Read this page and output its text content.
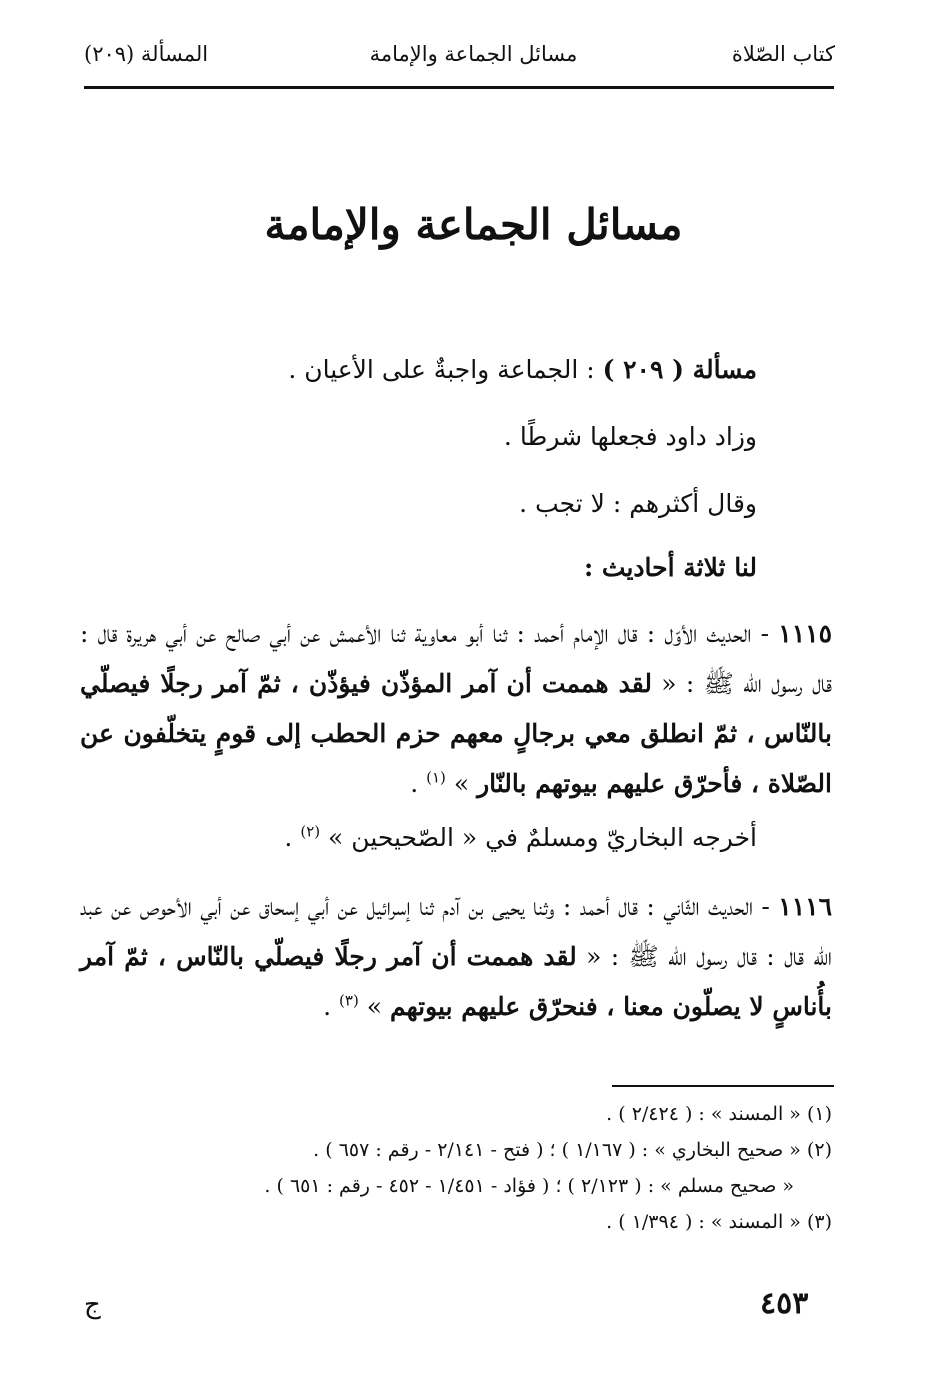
كتاب الصّلاة
مسائل الجماعة والإمامة
المسألة (٢٠٩)
مسائل الجماعة والإمامة
مسألة ( ٢٠٩ ) : الجماعة واجبةٌ على الأعيان .
وزاد داود فجعلها شرطًا .
وقال أكثرهم : لا تجب .
لنا ثلاثة أحاديث :
١١١٥ - الحديث الأوّل : قال الإمام أحمد : ثنا أبو معاوية ثنا الأعمش عن أبي صالح عن أبي هريرة قال : قال رسول الله ﷺ : « لقد هممت أن آمر المؤذّن فيؤذّن ، ثمّ آمر رجلًا فيصلّي بالنّاس ، ثمّ انطلق معي برجالٍ معهم حزم الحطب إلى قومٍ يتخلّفون عن الصّلاة ، فأحرّق عليهم بيوتهم بالنّار » $^{(١)}$ .
أخرجه البخاريّ ومسلمٌ في « الصّحيحين » $^{(٢)}$ .
١١١٦ - الحديث الثّاني : قال أحمد : وثنا يحيى بن آدم ثنا إسرائيل عن أبي إسحاق عن أبي الأحوص عن عبد الله قال : قال رسول الله ﷺ : « لقد هممت أن آمر رجلًا فيصلّي بالنّاس ، ثمّ آمر بأُناسٍ لا يصلّون معنا ، فنحرّق عليهم بيوتهم » $^{(٣)}$ .
(١) « المسند » : ( ٢/٤٢٤ ) .
(٢) « صحيح البخاري » : ( ١/١٦٧ ) ؛ ( فتح - ٢/١٤١ - رقم : ٦٥٧ ) .
« صحيح مسلم » : ( ٢/١٢٣ ) ؛ ( فؤاد - ١/٤٥١ - ٤٥٢ - رقم : ٦٥١ ) .
(٣) « المسند » : ( ١/٣٩٤ ) .
٤٥٣
ج
